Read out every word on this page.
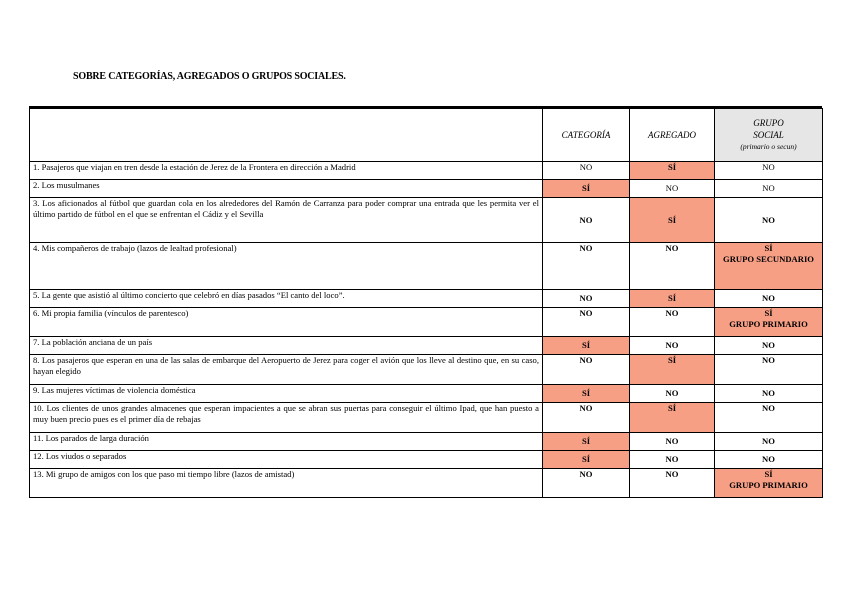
SOBRE CATEGORÍAS, AGREGADOS O GRUPOS SOCIALES.
	CATEGORÍA	AGREGADO	GRUPO
SOCIAL
(primario o secun)

1. Pasajeros que viajan en tren desde la estación de Jerez de la Frontera en dirección a Madrid	NO	SÍ	NO

2. Los musulmanes	SÍ	NO	NO

3. Los aficionados al fútbol que guardan cola en los alrededores del Ramón de Carranza para poder comprar una entrada que les permita ver el último partido de fútbol en el que se enfrentan el Cádiz y el Sevilla	NO	SÍ	NO

4. Mis compañeros de trabajo (lazos de lealtad profesional)	NO	NO	SÍ
GRUPO SECUNDARIO

5. La gente que asistió al último concierto que celebró en días pasados “El canto del loco”.	NO	SÍ	NO

6. Mi propia familia (vínculos de parentesco)	NO	NO	SÍ
GRUPO PRIMARIO

7. La población anciana de un país	SÍ	NO	NO

8. Los pasajeros que esperan en una de las salas de embarque del Aeropuerto de Jerez para coger el avión que los lleve al destino que, en su caso, hayan elegido	NO	SÍ	NO

9. Las mujeres víctimas de violencia doméstica	SÍ	NO	NO

10. Los clientes de unos grandes almacenes que esperan impacientes a que se abran sus puertas para conseguir el último Ipad, que han puesto a muy buen precio pues es el primer día de rebajas	NO	SÍ	NO

11. Los parados de larga duración	SÍ	NO	NO

12. Los viudos o separados	SÍ	NO	NO

13. Mi grupo de amigos con los que paso mi tiempo libre (lazos de amistad)	NO	NO	SÍ
GRUPO PRIMARIO
